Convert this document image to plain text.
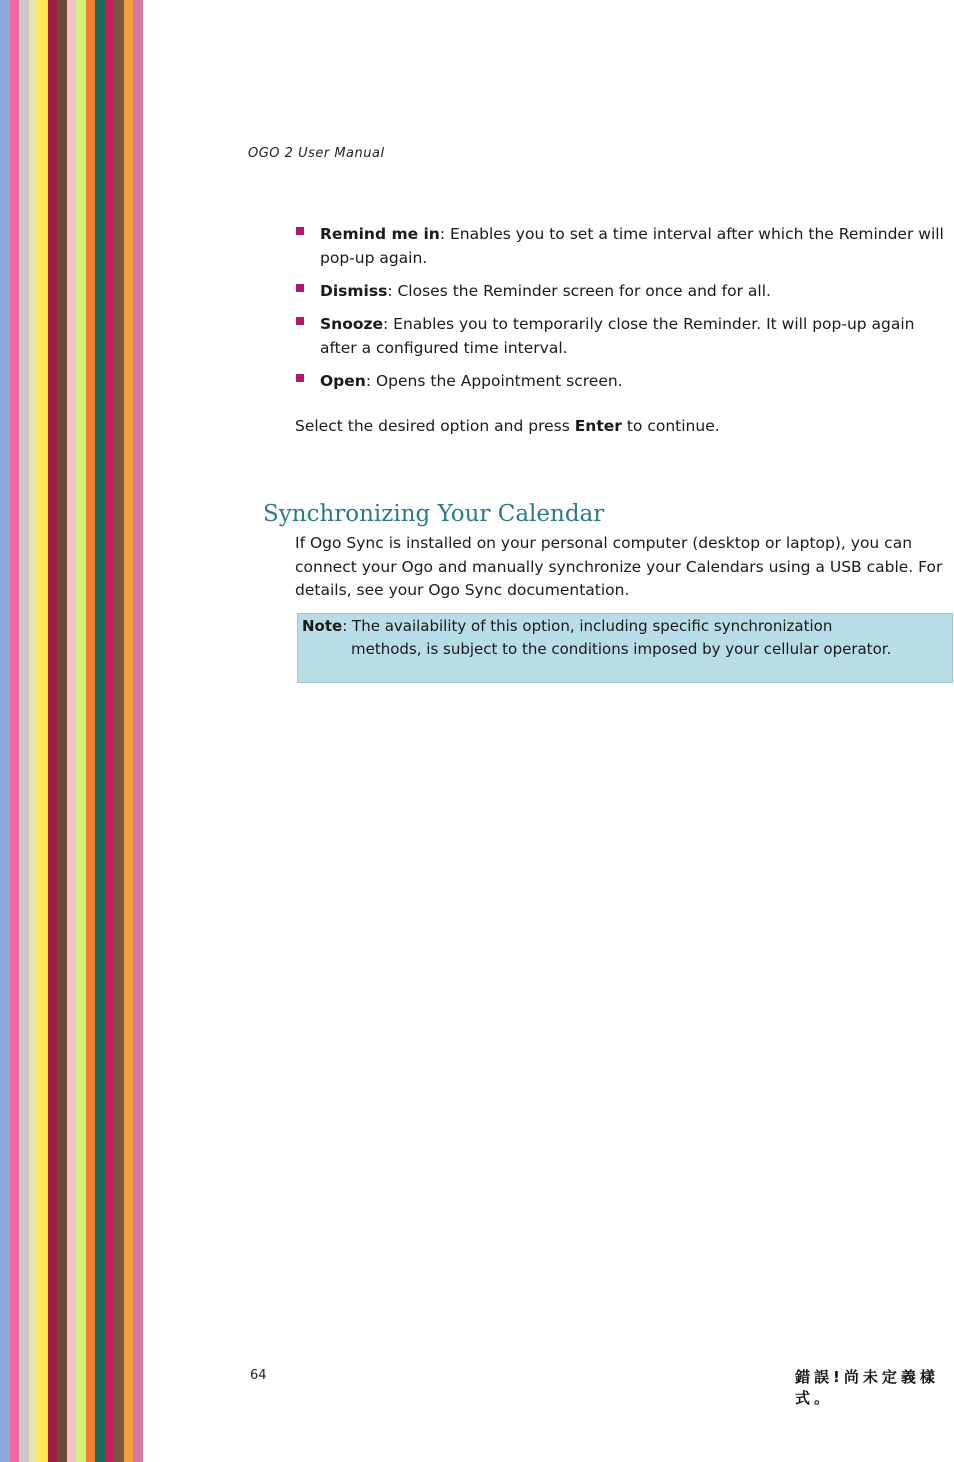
OGO 2 User Manual
Remind me in: Enables you to set a time interval after which the Reminder will pop-up again.
Dismiss: Closes the Reminder screen for once and for all.
Snooze: Enables you to temporarily close the Reminder. It will pop-up again after a configured time interval.
Open: Opens the Appointment screen.
Select the desired option and press Enter to continue.
Synchronizing Your Calendar
If Ogo Sync is installed on your personal computer (desktop or laptop), you can connect your Ogo and manually synchronize your Calendars using a USB cable. For details, see your Ogo Sync documentation.
Note: The availability of this option, including specific synchronization
methods, is subject to the conditions imposed by your cellular operator.
64	錯誤!尚未定義樣式。
